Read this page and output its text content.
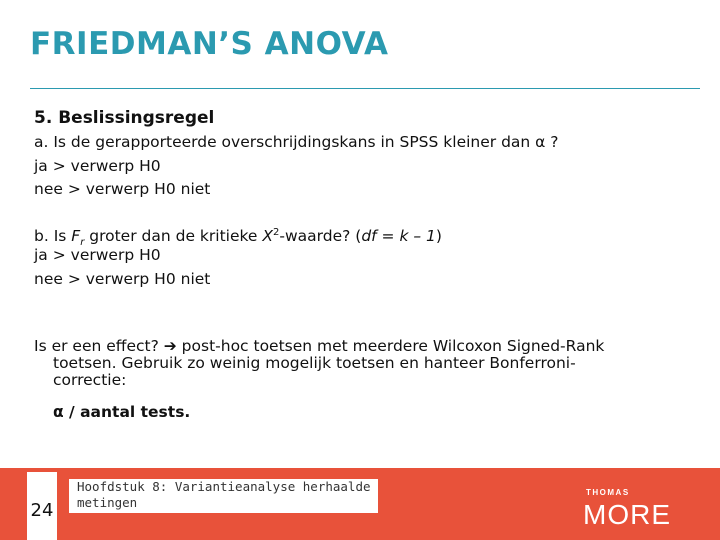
FRIEDMAN’S ANOVA
5. Beslissingsregel
a. Is de gerapporteerde overschrijdingskans in SPSS kleiner dan α ?
ja > verwerp H0
nee > verwerp H0 niet
b. Is $F_r$ groter dan de kritieke $X^2$-waarde? (df = k – 1)
ja > verwerp H0
nee > verwerp H0 niet
Is er een effect? ➔ post-hoc toetsen met meerdere Wilcoxon Signed-Rank
toetsen. Gebruik zo weinig mogelijk toetsen en hanteer Bonferroni-
correctie:
α / aantal tests.
24
Hoofdstuk 8: Variantieanalyse herhaalde
metingen
THOMAS
MORE
